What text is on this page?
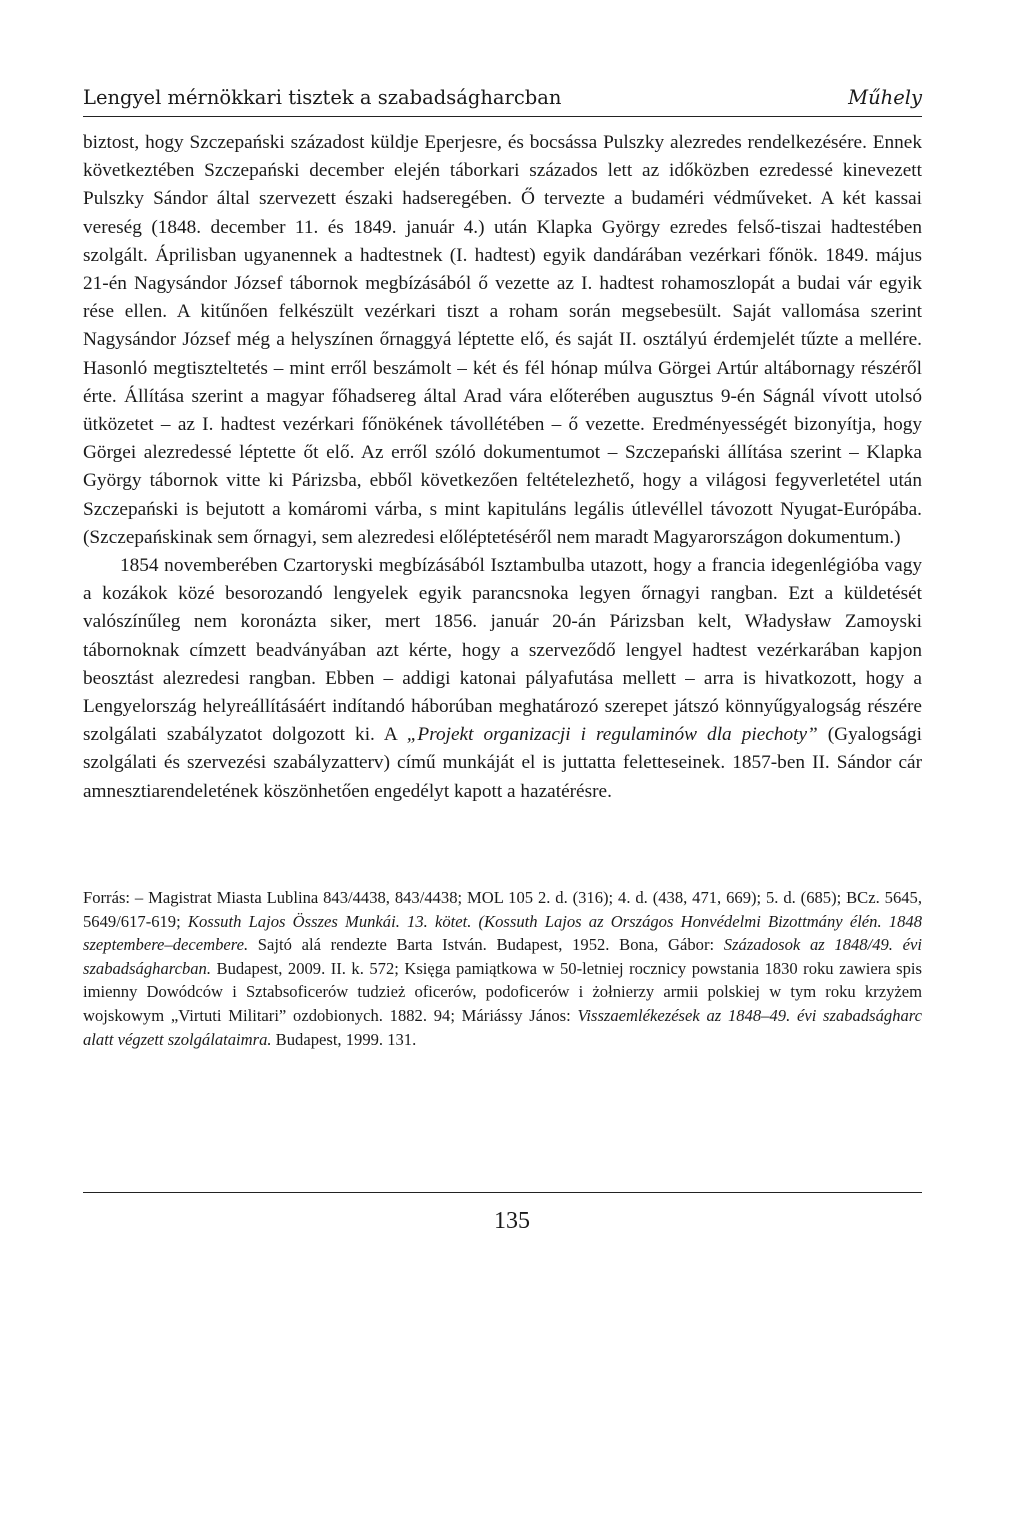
Lengyel mérnökkari tisztek a szabadságharcban	Műhely

biztost, hogy Szczepański századost küldje Eperjesre, és bocsássa Pulszky alezredes rendelkezésére. Ennek következtében Szczepański december elején táborkari százados lett az időközben ezredessé kinevezett Pulszky Sándor által szervezett északi hadseregében. Ő tervezte a budaméri védműveket. A két kassai vereség (1848. december 11. és 1849. január 4.) után Klapka György ezredes felső-tiszai hadtestében szolgált. Áprilisban ugyanennek a hadtestnek (I. hadtest) egyik dandárában vezérkari főnök. 1849. május 21-én Nagysándor József tábornok megbízásából ő vezette az I. hadtest rohamoszlopát a budai vár egyik rése ellen. A kitűnően felkészült vezérkari tiszt a roham során megsebesült. Saját vallomása szerint Nagysándor József még a helyszínen őrnaggyá léptette elő, és saját II. osztályú érdemjelét tűzte a mellére. Hasonló megtiszteltetés – mint erről beszámolt – két és fél hónap múlva Görgei Artúr altábornagy részéről érte. Állítása szerint a magyar főhadsereg által Arad vára előterében augusztus 9-én Ságnál vívott utolsó ütközetet – az I. hadtest vezérkari főnökének távollétében – ő vezette. Eredményességét bizonyítja, hogy Görgei alezredessé léptette őt elő. Az erről szóló dokumentumot – Szczepański állítása szerint – Klapka György tábornok vitte ki Párizsba, ebből következően feltételezhető, hogy a világosi fegyverletétel után Szczepański is bejutott a komáromi várba, s mint kapituláns legális útlevéllel távozott Nyugat-Európába. (Szczepańskinak sem őrnagyi, sem alezredesi előléptetéséről nem maradt Magyarországon dokumentum.)

1854 novemberében Czartoryski megbízásából Isztambulba utazott, hogy a francia idegenlégióba vagy a kozákok közé besorozandó lengyelek egyik parancsnoka legyen őrnagyi rangban. Ezt a küldetését valószínűleg nem koronázta siker, mert 1856. január 20-án Párizsban kelt, Władysław Zamoyski tábornoknak címzett beadványában azt kérte, hogy a szerveződő lengyel hadtest vezérkarában kapjon beosztást alezredesi rangban. Ebben – addigi katonai pályafutása mellett – arra is hivatkozott, hogy a Lengyelország helyreállításáért indítandó háborúban meghatározó szerepet játszó könnyűgyalogság részére szolgálati szabályzatot dolgozott ki. A „Projekt organizacji i regulaminów dla piechoty” (Gyalogsági szolgálati és szervezési szabályzatterv) című munkáját el is juttatta feletteseinek. 1857-ben II. Sándor cár amnesztiarendeletének köszönhetően engedélyt kapott a hazatérésre.

Forrás: – Magistrat Miasta Lublina 843/4438, 843/4438; MOL 105 2. d. (316); 4. d. (438, 471, 669); 5. d. (685); BCz. 5645, 5649/617-619; Kossuth Lajos Összes Munkái. 13. kötet. (Kossuth Lajos az Országos Honvédelmi Bizottmány élén. 1848 szeptembere–decembere. Sajtó alá rendezte Barta István. Budapest, 1952. Bona, Gábor: Századosok az 1848/49. évi szabadságharcban. Budapest, 2009. II. k. 572; Księga pamiątkowa w 50-letniej rocznicy powstania 1830 roku zawiera spis imienny Dowódców i Sztabsoficerów tudzież oficerów, podoficerów i żołnierzy armii polskiej w tym roku krzyżem wojskowym „Virtuti Militari” ozdobionych. 1882. 94; Máriássy János: Visszaemlékezések az 1848–49. évi szabadságharc alatt végzett szolgálataimra. Budapest, 1999. 131.

135
